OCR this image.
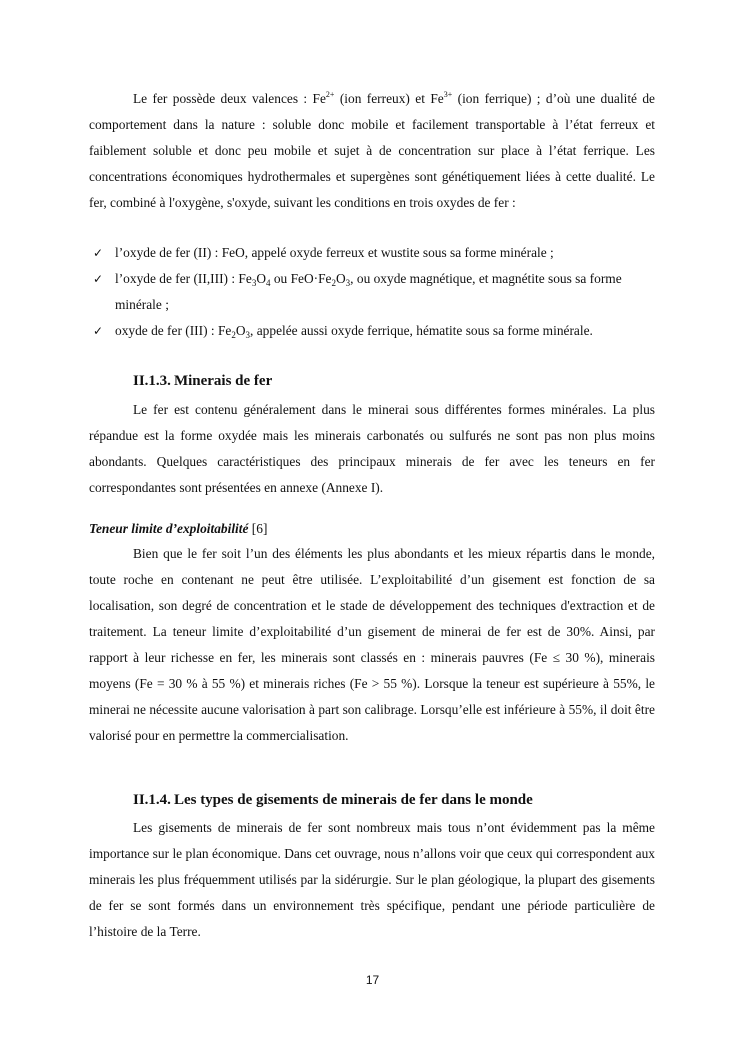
Le fer possède deux valences : $Fe^{2+}$ (ion ferreux) et $Fe^{3+}$ (ion ferrique) ; d’où une dualité de comportement dans la nature : soluble donc mobile et facilement transportable à l’état ferreux et faiblement soluble et donc peu mobile et sujet à de concentration sur place à l’état ferrique. Les concentrations économiques hydrothermales et supergènes sont génétiquement liées à cette dualité. Le fer, combiné à l'oxygène, s'oxyde, suivant les conditions en trois oxydes de fer :

✓ l’oxyde de fer (II) : FeO, appelé oxyde ferreux et wustite sous sa forme minérale ;
✓ l’oxyde de fer (II,III) : $Fe_3O_4$ ou $FeO\cdot Fe_2O_3$, ou oxyde magnétique, et magnétite sous sa forme minérale ;
✓ oxyde de fer (III) : $Fe_2O_3$, appelée aussi oxyde ferrique, hématite sous sa forme minérale.
II.1.3. Minerais de fer

Le fer est contenu généralement dans le minerai sous différentes formes minérales. La plus répandue est la forme oxydée mais les minerais carbonatés ou sulfurés ne sont pas non plus moins abondants. Quelques caractéristiques des principaux minerais de fer avec les teneurs en fer correspondantes sont présentées en annexe (Annexe I).

Teneur limite d’exploitabilité [6]

Bien que le fer soit l’un des éléments les plus abondants et les mieux répartis dans le monde, toute roche en contenant ne peut être utilisée. L’exploitabilité d’un gisement est fonction de sa localisation, son degré de concentration et le stade de développement des techniques d'extraction et de traitement. La teneur limite d’exploitabilité d’un gisement de minerai de fer est de 30%. Ainsi, par rapport à leur richesse en fer, les minerais sont classés en : minerais pauvres (Fe ≤ 30 %), minerais moyens (Fe = 30 % à 55 %) et minerais riches (Fe > 55 %). Lorsque la teneur est supérieure à 55%, le minerai ne nécessite aucune valorisation à part son calibrage. Lorsqu’elle est inférieure à 55%, il doit être valorisé pour en permettre la commercialisation.

II.1.4. Les types de gisements de minerais de fer dans le monde

Les gisements de minerais de fer sont nombreux mais tous n’ont évidemment pas la même importance sur le plan économique. Dans cet ouvrage, nous n’allons voir que ceux qui correspondent aux minerais les plus fréquemment utilisés par la sidérurgie. Sur le plan géologique, la plupart des gisements de fer se sont formés dans un environnement très spécifique, pendant une période particulière de l’histoire de la Terre.

17
